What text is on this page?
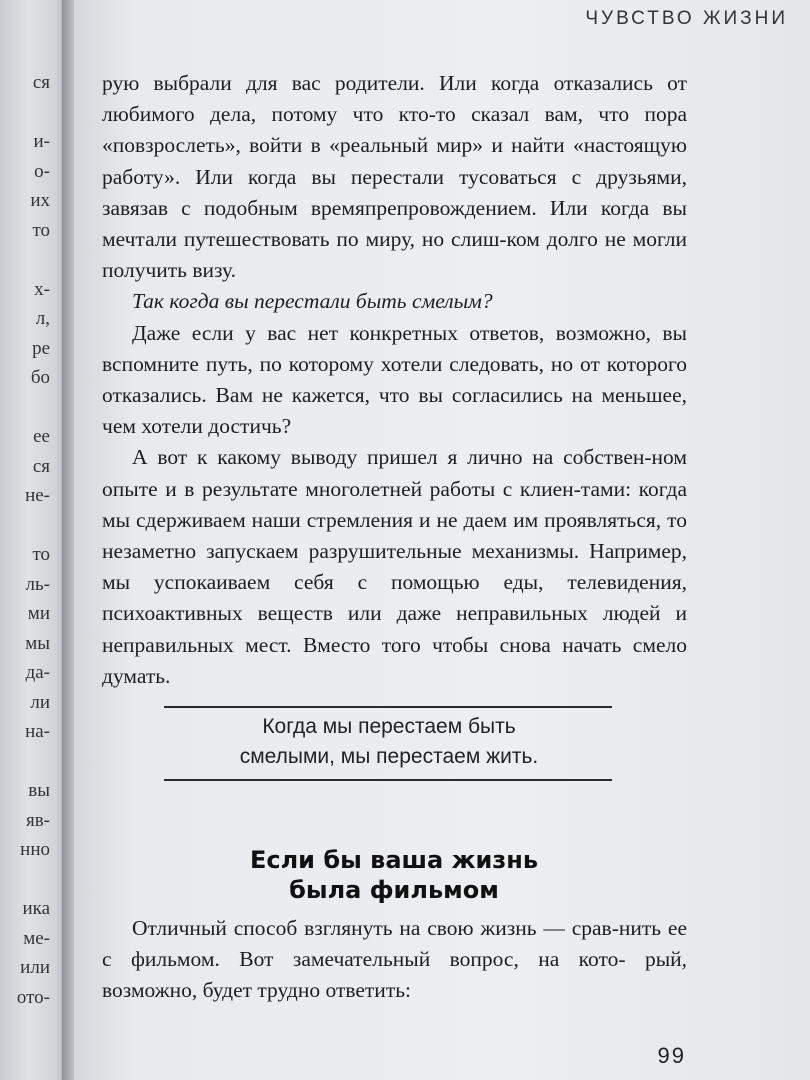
ся
и-
о-
их
то
х-
л,
ре
бо
ее
ся
не-
то
ль-
ми
мы
да-
ли
на-
вы
яв-
нно
ика
ме-
или
ото-
ЧУВСТВО ЖИЗНИ

рую выбрали для вас родители. Или когда отказались от любимого дела, потому что кто-то сказал вам, что пора «повзрослеть», войти в «реальный мир» и найти «настоящую работу». Или когда вы перестали тусоваться с друзьями, завязав с подобным времяпрепровождением. Или когда вы мечтали путешествовать по миру, но слиш-ком долго не могли получить визу.

Так когда вы перестали быть смелым?

Даже если у вас нет конкретных ответов, возможно, вы вспомните путь, по которому хотели следовать, но от которого отказались. Вам не кажется, что вы согласились на меньшее, чем хотели достичь?

А вот к какому выводу пришел я лично на собствен-ном опыте и в результате многолетней работы с клиен-тами: когда мы сдерживаем наши стремления и не даем им проявляться, то незаметно запускаем разрушительные механизмы. Например, мы успокаиваем себя с помощью еды, телевидения, психоактивных веществ или даже неправильных людей и неправильных мест. Вместо того чтобы снова начать смело думать.

Когда мы перестаем быть
смелыми, мы перестаем жить.
Если бы ваша жизнь
была фильмом

Отличный способ взглянуть на свою жизнь — срав-нить ее с фильмом. Вот замечательный вопрос, на кото- рый, возможно, будет трудно ответить:

99
